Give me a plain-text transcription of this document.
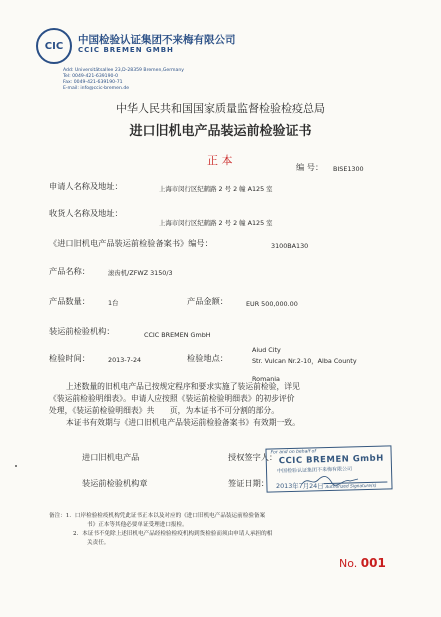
CIC 中国检验认证集团不来梅有限公司
CCIC BREMEN GMBH
Add: Universitätsallee 23,D-28359 Bremen,Germany
Tel: 0049-421-639190-0
Fax: 0049-421-639190-71
E-mail: info@ccic-bremen.de
中华人民共和国国家质量监督检验检疫总局
进口旧机电产品装运前检验证书
正 本	编 号： BISE1300
申请人名称及地址：	上海市闵行区纪鹤路 2 号 2 幢 A125 室
收货人名称及地址：
上海市闵行区纪鹤路 2 号 2 幢 A125 室
《进口旧机电产品装运前检验备案书》编号：	3100BA130
产品名称：	滚齿机/ZFWZ 3150/3
产品数量：	1台	产品金额：	EUR 500,000.00
装运前检验机构：	CCIC BREMEN GmbH
检验时间：	2013-7-24	检验地点：
Aiud City
Str. Vulcan Nr.2-10，Alba County
Romania
上述数量的旧机电产品已按规定程序和要求实施了装运前检验，详见
《装运前检验明细表》。申请人应按照《装运前检验明细表》的初步评价
处理，《装运前检验明细表》共　　页，为本证书不可分割的部分。
本证书有效期与《进口旧机电产品装运前检验备案书》有效期一致。
进口旧机电产品
装运前检验机构章
授权签字人：
签证日期： 2013年7月24日
For and on behalf of
CCIC BREMEN GmbH
中国检验认证集团不来梅有限公司
Authorized Signature(s)
备注：1．口岸检验检疫机构凭此证书正本以及对应的《进口旧机电产品装运前检验备案
书》正本等其他必要单证受理进口报检。
2．本证书不免除上述旧机电产品经检验检疫机构到货检验而须由申请人承担的相
关责任。
No. 001
